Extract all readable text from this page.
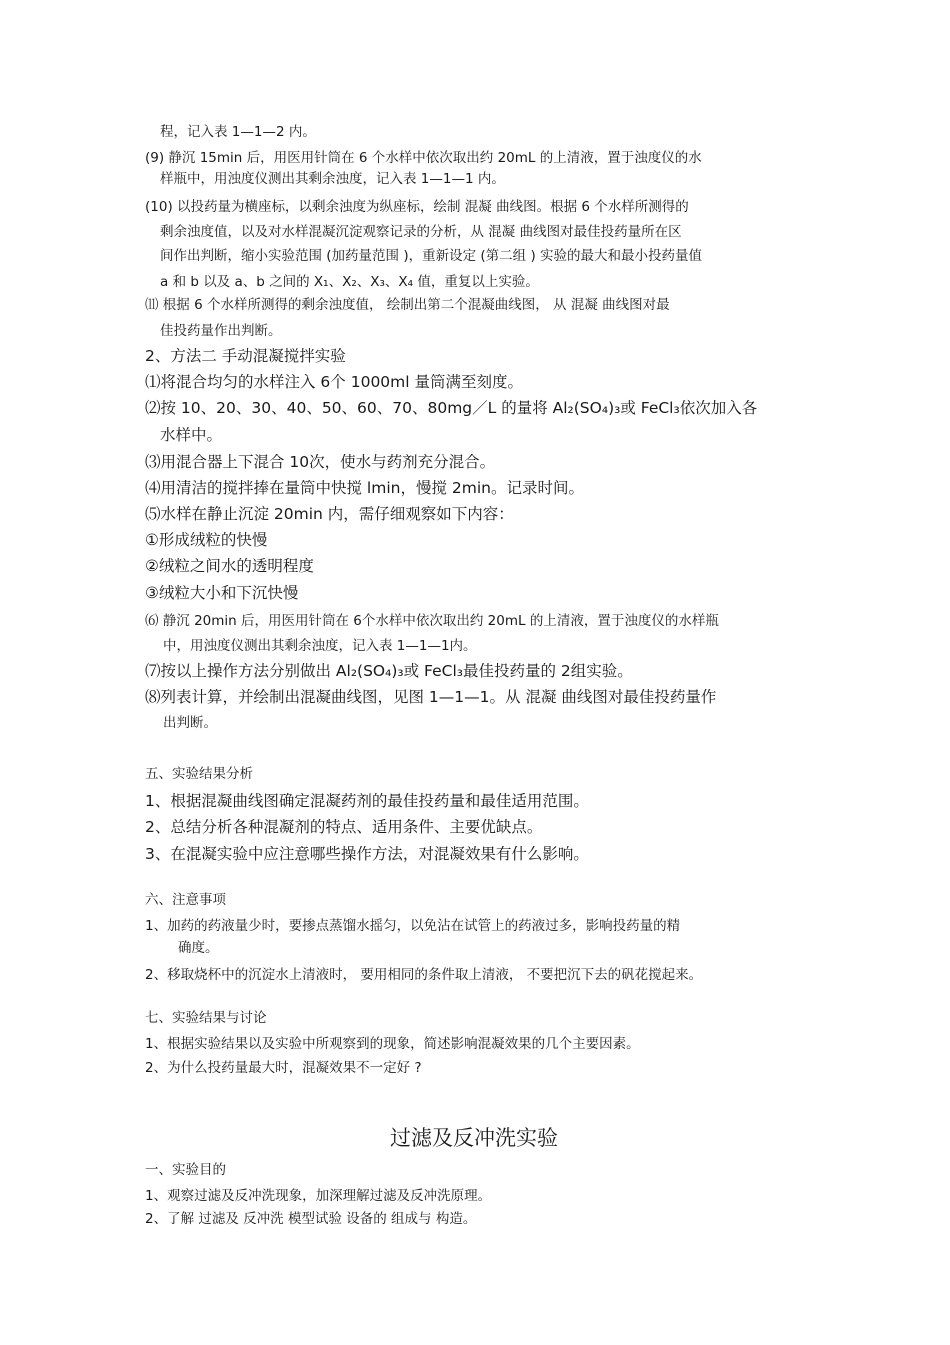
程，记入表 1—1—2 内。
(9) 静沉 15min 后，用医用针筒在 6 个水样中依次取出约 20mL 的上清液，置于浊度仪的水
样瓶中，用浊度仪测出其剩余浊度，记入表 1—1—1 内。
(10) 以投药量为横座标，以剩余浊度为纵座标，绘制 混凝 曲线图。根据 6 个水样所测得的
剩余浊度值，以及对水样混凝沉淀观察记录的分析，从 混凝 曲线图对最佳投药量所在区
间作出判断，缩小实验范围 (加药量范围 )，重新设定 (第二组 ) 实验的最大和最小投药量值
a 和 b 以及 a、b 之间的 X₁、X₂、X₃、X₄ 值，重复以上实验。
⑾ 根据 6 个水样所测得的剩余浊度值， 绘制出第二个混凝曲线图， 从 混凝 曲线图对最
佳投药量作出判断。
2、方法二 手动混凝搅拌实验
⑴将混合均匀的水样注入 6个 1000ml 量筒满至刻度。
⑵按 10、20、30、40、50、60、70、80mg／L 的量将 Al₂(SO₄)₃或 FeCl₃依次加入各
水样中。
⑶用混合器上下混合 10次，使水与药剂充分混合。
⑷用清洁的搅拌捧在量筒中快搅 lmin，慢搅 2min。记录时间。
⑸水样在静止沉淀 20min 内，需仔细观察如下内容：
①形成绒粒的快慢
②绒粒之间水的透明程度
③绒粒大小和下沉快慢
⑹ 静沉 20min 后，用医用针筒在 6个水样中依次取出约 20mL 的上清液，置于浊度仪的水样瓶
中，用浊度仪测出其剩余浊度，记入表 1—1—1内。
⑺按以上操作方法分别做出 Al₂(SO₄)₃或 FeCl₃最佳投药量的 2组实验。
⑻列表计算，并绘制出混凝曲线图，见图 1—1—1。从 混凝 曲线图对最佳投药量作
出判断。
五、实验结果分析
1、根据混凝曲线图确定混凝药剂的最佳投药量和最佳适用范围。
2、总结分析各种混凝剂的特点、适用条件、主要优缺点。
3、在混凝实验中应注意哪些操作方法，对混凝效果有什么影响。
六、注意事项
1、加药的药液量少时，要掺点蒸馏水摇匀，以免沾在试管上的药液过多，影响投药量的精
确度。
2、移取烧杯中的沉淀水上清液时， 要用相同的条件取上清液， 不要把沉下去的矾花搅起来。
七、实验结果与讨论
1、根据实验结果以及实验中所观察到的现象，简述影响混凝效果的几个主要因素。
2、为什么投药量最大时，混凝效果不一定好 ?
过滤及反冲洗实验
一、实验目的
1、观察过滤及反冲洗现象，加深理解过滤及反冲洗原理。
2、了解 过滤及 反冲洗 模型试验 设备的 组成与 构造。
